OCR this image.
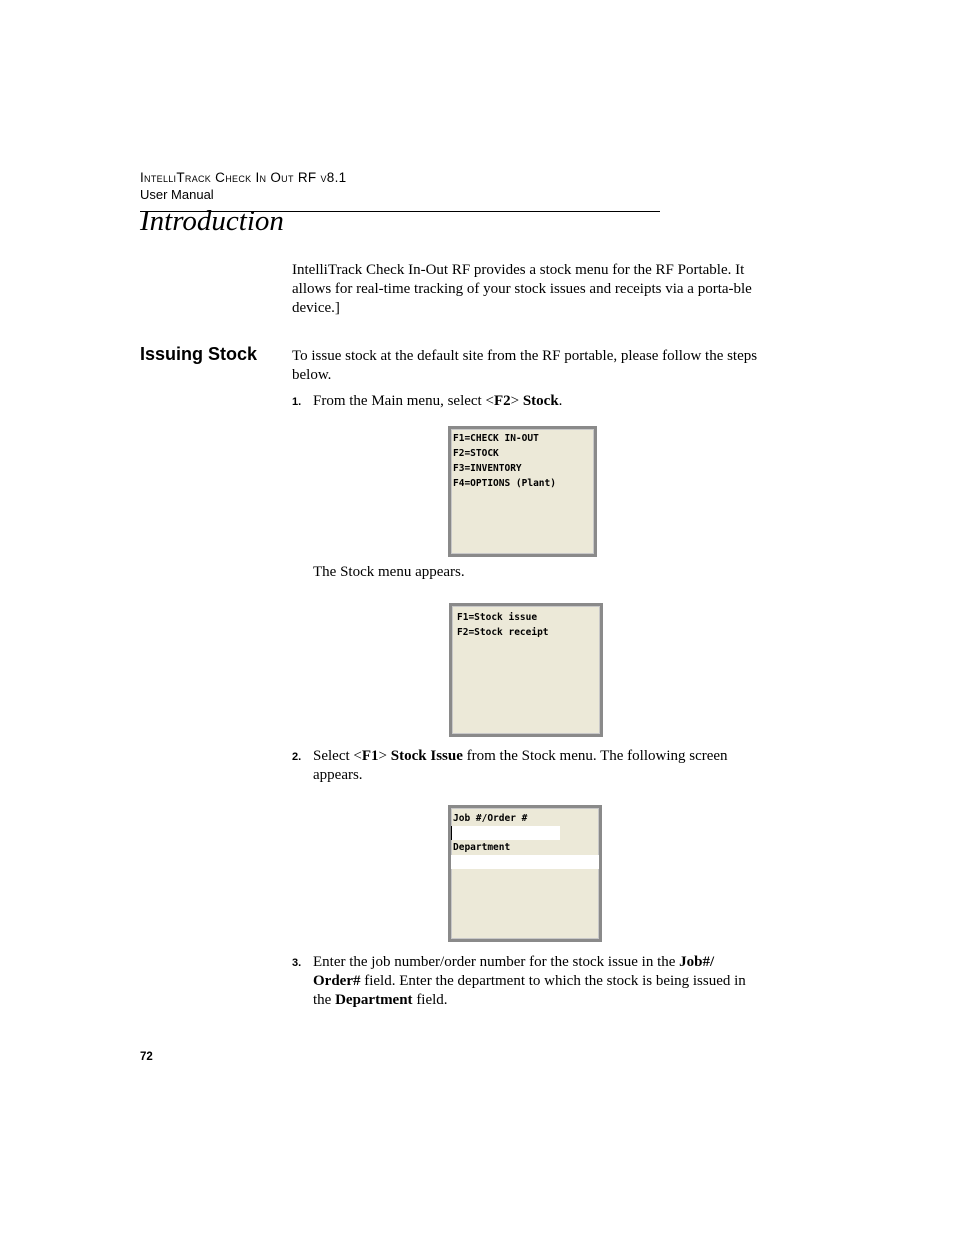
IntelliTrack Check In Out RF v8.1
User Manual
Introduction
IntelliTrack Check In-Out RF provides a stock menu for the RF Portable. It allows for real-time tracking of your stock issues and receipts via a porta-ble device.]
Issuing Stock To issue stock at the default site from the RF portable, please follow the steps below.
1. From the Main menu, select <F2> Stock.
F1=CHECK IN-OUT
F2=STOCK
F3=INVENTORY
F4=OPTIONS (Plant)
The Stock menu appears.
F1=Stock issue
F2=Stock receipt
2. Select <F1> Stock Issue from the Stock menu. The following screen appears.
Job #/Order #
Department
3. Enter the job number/order number for the stock issue in the Job#/ Order# field. Enter the department to which the stock is being issued in the Department field.
72
